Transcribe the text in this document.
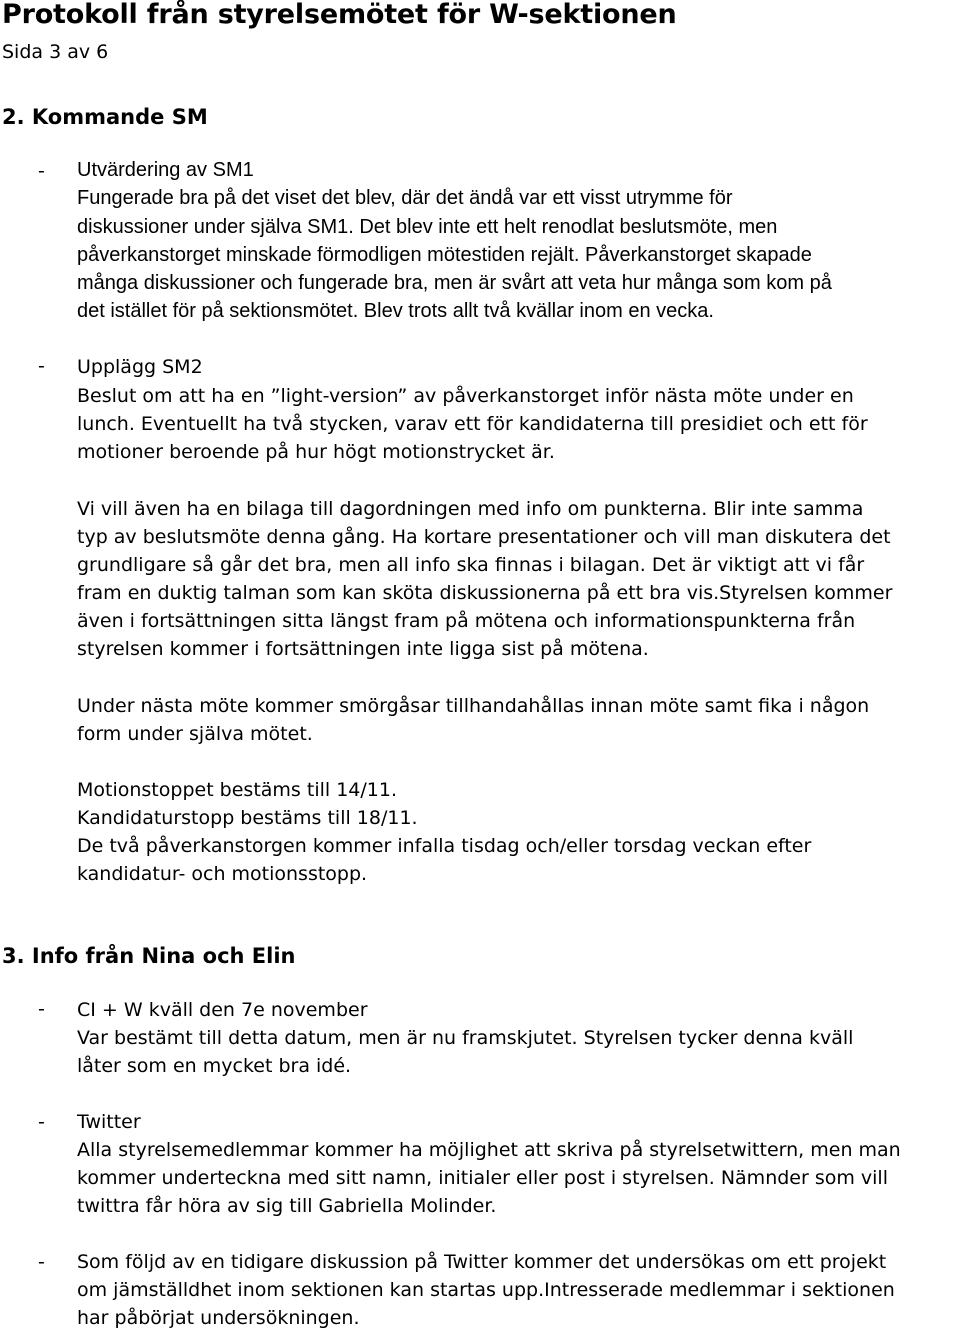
Protokoll från styrelsemötet för W-sektionen
Sida 3 av 6
2. Kommande SM
- Utvärdering av SM1
Fungerade bra på det viset det blev, där det ändå var ett visst utrymme för
diskussioner under själva SM1. Det blev inte ett helt renodlat beslutsmöte, men
påverkanstorget minskade förmodligen mötestiden rejält. Påverkanstorget skapade
många diskussioner och fungerade bra, men är svårt att veta hur många som kom på
det istället för på sektionsmötet. Blev trots allt två kvällar inom en vecka.
- Upplägg SM2
Beslut om att ha en ”light-version” av påverkanstorget inför nästa möte under en
lunch. Eventuellt ha två stycken, varav ett för kandidaterna till presidiet och ett för
motioner beroende på hur högt motionstrycket är.
Vi vill även ha en bilaga till dagordningen med info om punkterna. Blir inte samma
typ av beslutsmöte denna gång. Ha kortare presentationer och vill man diskutera det
grundligare så går det bra, men all info ska finnas i bilagan. Det är viktigt att vi får
fram en duktig talman som kan sköta diskussionerna på ett bra vis.Styrelsen kommer
även i fortsättningen sitta längst fram på mötena och informationspunkterna från
styrelsen kommer i fortsättningen inte ligga sist på mötena.
Under nästa möte kommer smörgåsar tillhandahållas innan möte samt fika i någon
form under själva mötet.
Motionstoppet bestäms till 14/11.
Kandidaturstopp bestäms till 18/11.
De två påverkanstorgen kommer infalla tisdag och/eller torsdag veckan efter
kandidatur- och motionsstopp.
3. Info från Nina och Elin
- CI + W kväll den 7e november
Var bestämt till detta datum, men är nu framskjutet. Styrelsen tycker denna kväll
låter som en mycket bra idé.
- Twitter
Alla styrelsemedlemmar kommer ha möjlighet att skriva på styrelsetwittern, men man
kommer underteckna med sitt namn, initialer eller post i styrelsen. Nämnder som vill
twittra får höra av sig till Gabriella Molinder.
- Som följd av en tidigare diskussion på Twitter kommer det undersökas om ett projekt
om jämställdhet inom sektionen kan startas upp.Intresserade medlemmar i sektionen
har påbörjat undersökningen.
